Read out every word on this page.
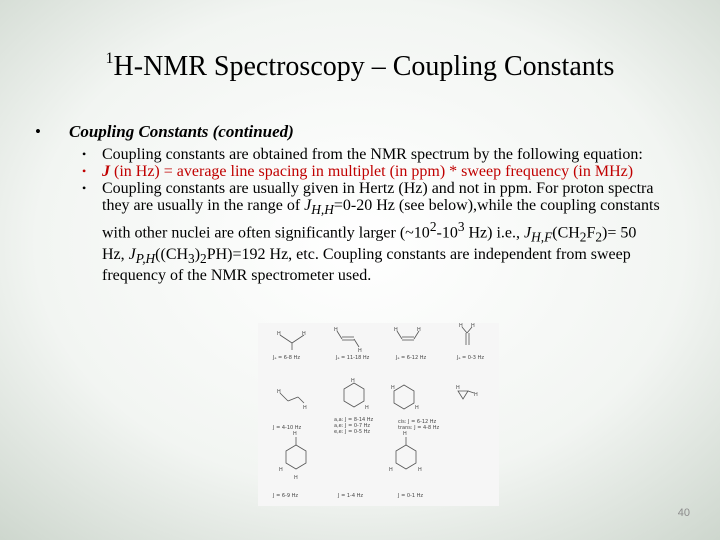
$^1$H-NMR Spectroscopy – Coupling Constants
• Coupling Constants (continued)
• Coupling constants are obtained from the NMR spectrum by the following equation:
• J (in Hz) = average line spacing in multiplet (in ppm) * sweep frequency (in MHz)
• Coupling constants are usually given in Hertz (Hz) and not in ppm. For proton spectra they are usually in the range of $J_{H,H}=0-20$ Hz (see below),while the coupling constants with other nuclei are often significantly larger ($\sim 10^2-10^3$ Hz) i.e., $J_{H,F}(CH_2F_2)= 50$ Hz, $J_{P,H}((CH_3)_2PH)=192$ Hz, etc. Coupling constants are independent from sweep frequency of the NMR spectrometer used.
Jₐ = 6-8 Hz	Jₐ = 11-18 Hz	Jₐ = 6-12 Hz	Jₐ = 0-3 Hz
J = 4-10 Hz
a,a: J = 8-14 Hz
a,e: J = 0-7 Hz
e,e: J = 0-5 Hz
cis: J = 6-12 Hz
trans: J = 4-8 Hz
J = 6-9 Hz	J = 1-4 Hz	J = 0-1 Hz
H	H
H
H
H	H
H H
H
H
H
H
H
H
H
H
H
H
H
H
H	H
40
